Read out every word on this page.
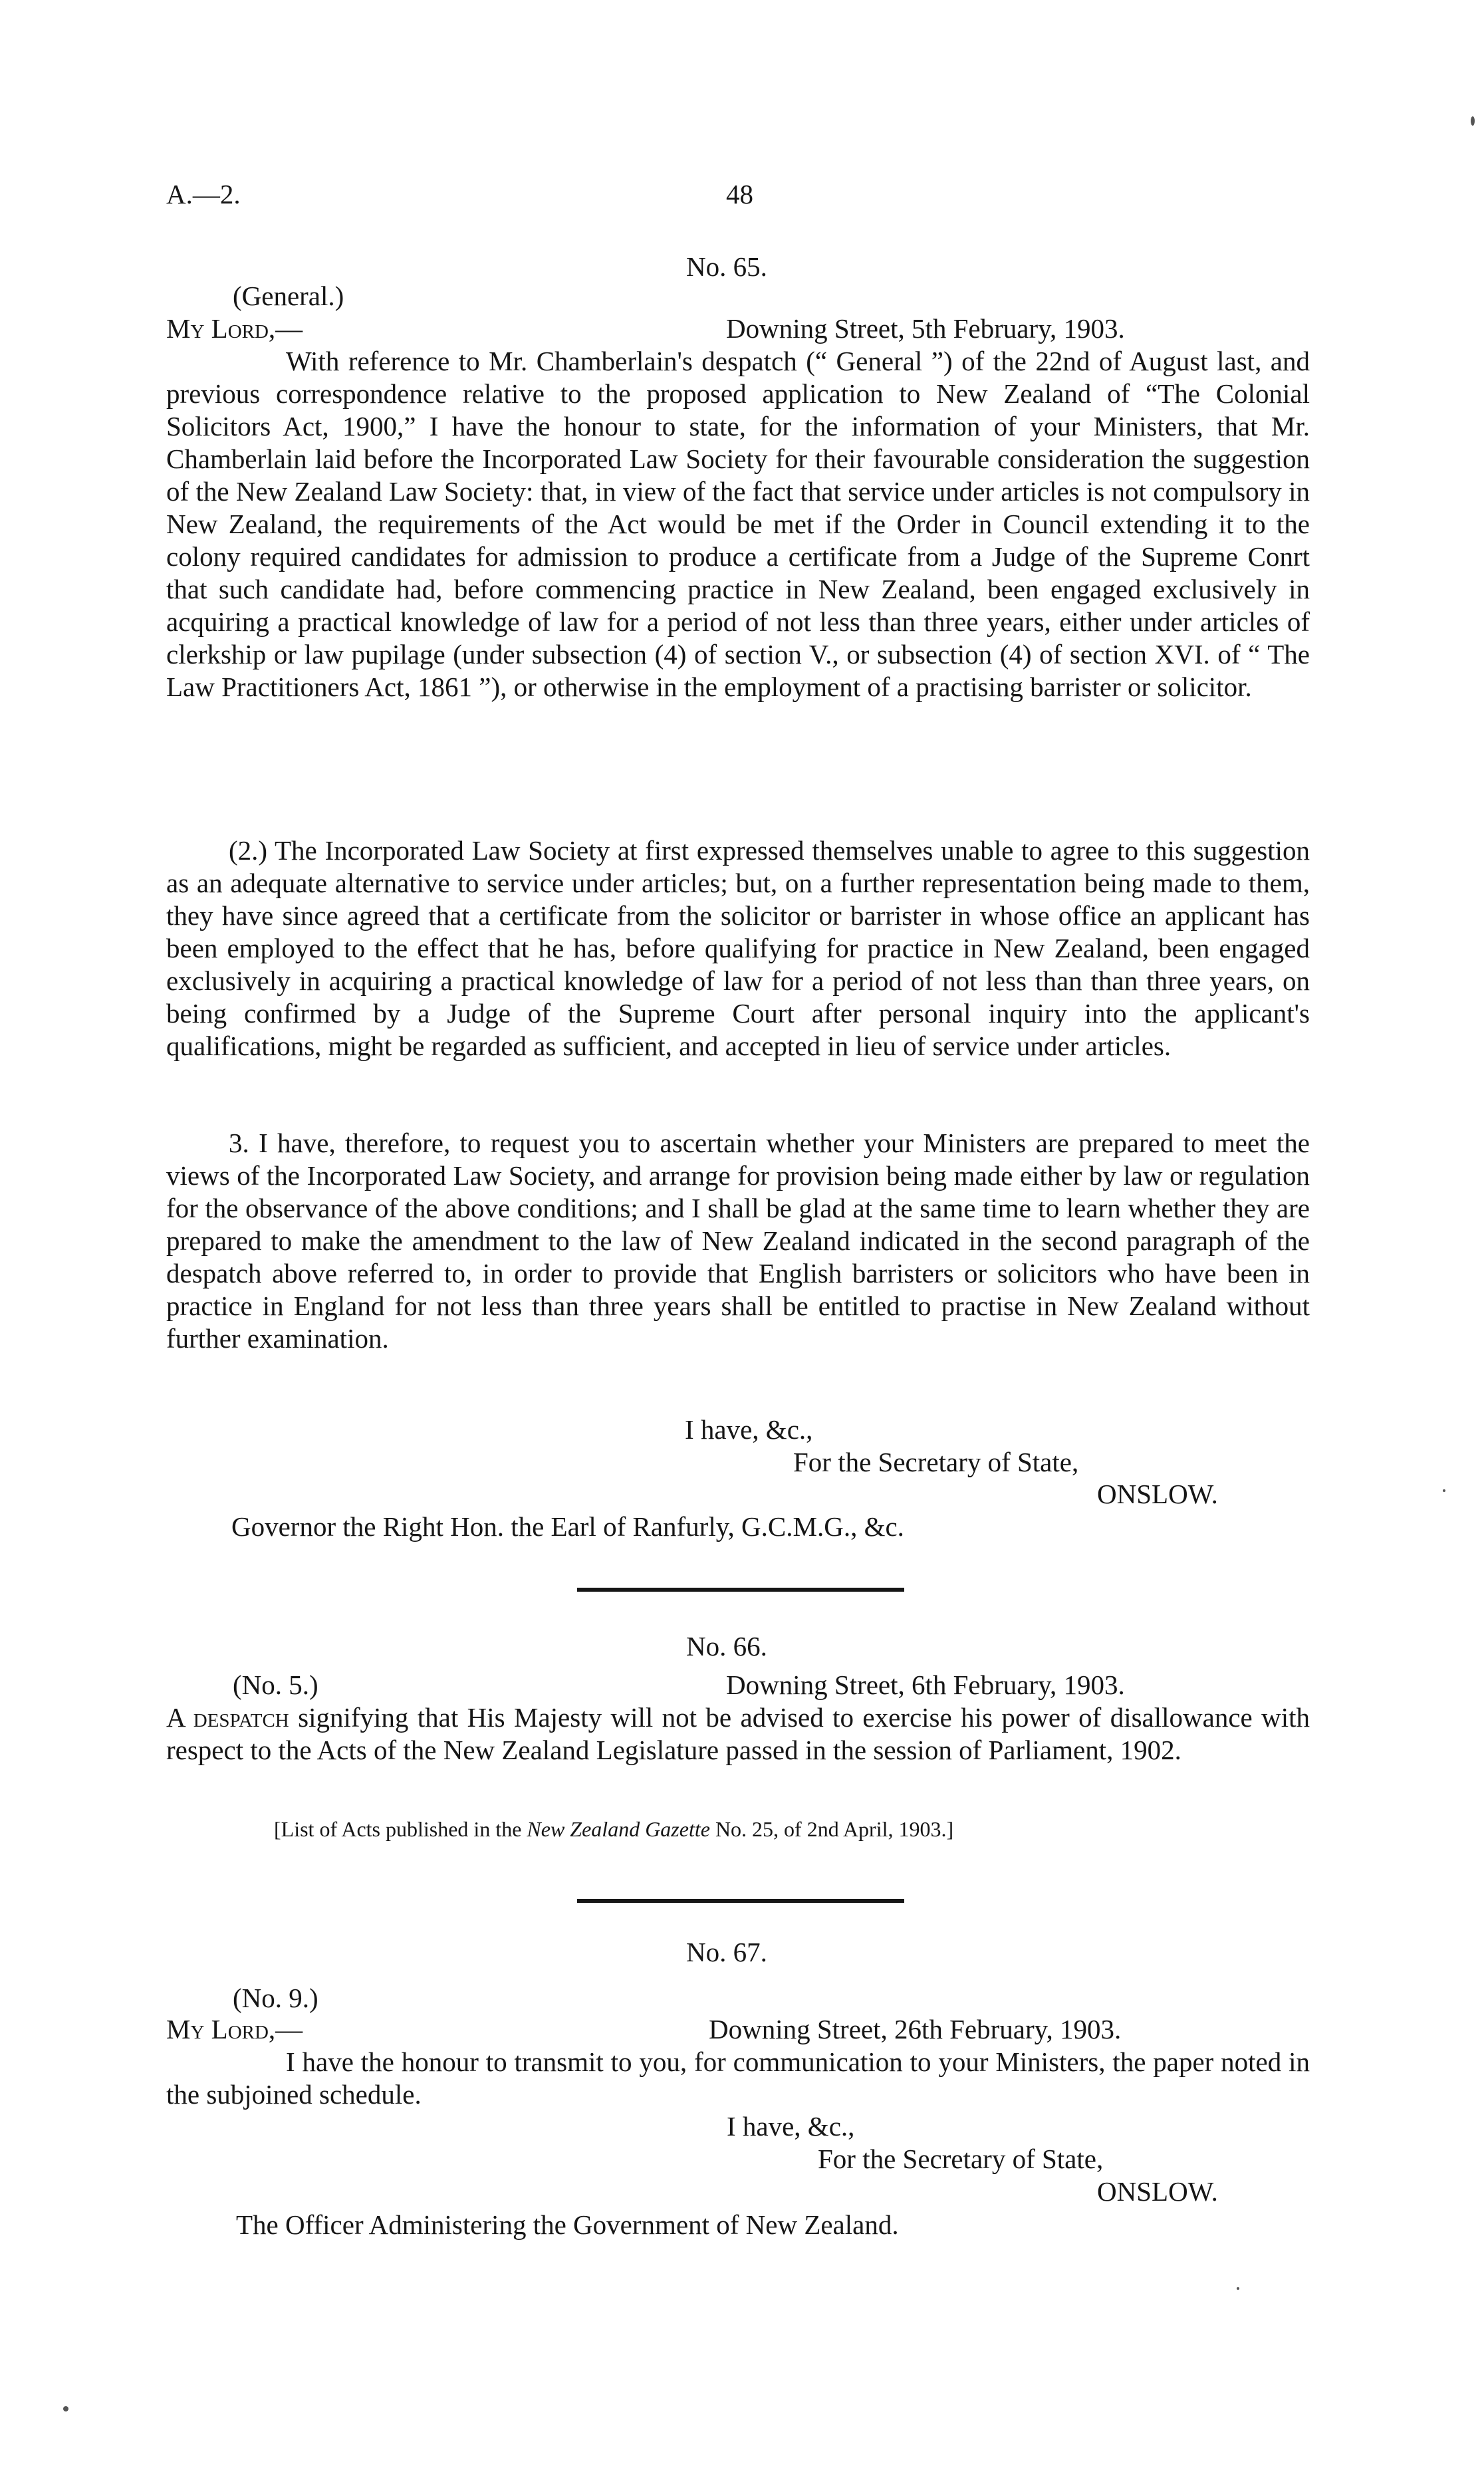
A.—2.	48
No. 65.
(General.)
My Lord,—	Downing Street, 5th February, 1903.

With reference to Mr. Chamberlain's despatch (“ General ”) of the 22nd of August last, and previous correspondence relative to the proposed application to New Zealand of “The Colonial Solicitors Act, 1900,” I have the honour to state, for the information of your Ministers, that Mr. Chamberlain laid before the Incorporated Law Society for their favourable consideration the suggestion of the New Zealand Law Society: that, in view of the fact that service under articles is not compulsory in New Zealand, the requirements of the Act would be met if the Order in Council extending it to the colony required candidates for admission to produce a certificate from a Judge of the Supreme Conrt that such candidate had, before commencing practice in New Zealand, been engaged exclusively in acquiring a practical knowledge of law for a period of not less than three years, either under articles of clerkship or law pupilage (under subsection (4) of section V., or subsection (4) of section XVI. of “ The Law Practitioners Act, 1861 ”), or otherwise in the employment of a practising barrister or solicitor.

(2.) The Incorporated Law Society at first expressed themselves unable to agree to this suggestion as an adequate alternative to service under articles; but, on a further representation being made to them, they have since agreed that a certificate from the solicitor or barrister in whose office an applicant has been employed to the effect that he has, before qualifying for practice in New Zealand, been engaged exclusively in acquiring a practical knowledge of law for a period of not less than than three years, on being confirmed by a Judge of the Supreme Court after personal inquiry into the applicant's qualifications, might be regarded as sufficient, and accepted in lieu of service under articles.

3. I have, therefore, to request you to ascertain whether your Ministers are prepared to meet the views of the Incorporated Law Society, and arrange for provision being made either by law or regulation for the observance of the above conditions; and I shall be glad at the same time to learn whether they are prepared to make the amendment to the law of New Zealand indicated in the second paragraph of the despatch above referred to, in order to provide that English barristers or solicitors who have been in practice in England for not less than three years shall be entitled to practise in New Zealand without further examination.

I have, &c.,
For the Secretary of State,
ONSLOW.
Governor the Right Hon. the Earl of Ranfurly, G.C.M.G., &c.
No. 66.
(No. 5.)	Downing Street, 6th February, 1903.

A despatch signifying that His Majesty will not be advised to exercise his power of disallowance with respect to the Acts of the New Zealand Legislature passed in the session of Parliament, 1902.

[List of Acts published in the New Zealand Gazette No. 25, of 2nd April, 1903.]
No. 67.
(No. 9.)
My Lord,—	Downing Street, 26th February, 1903.

I have the honour to transmit to you, for communication to your Ministers, the paper noted in the subjoined schedule.

I have, &c.,
For the Secretary of State,
ONSLOW.
The Officer Administering the Government of New Zealand.
